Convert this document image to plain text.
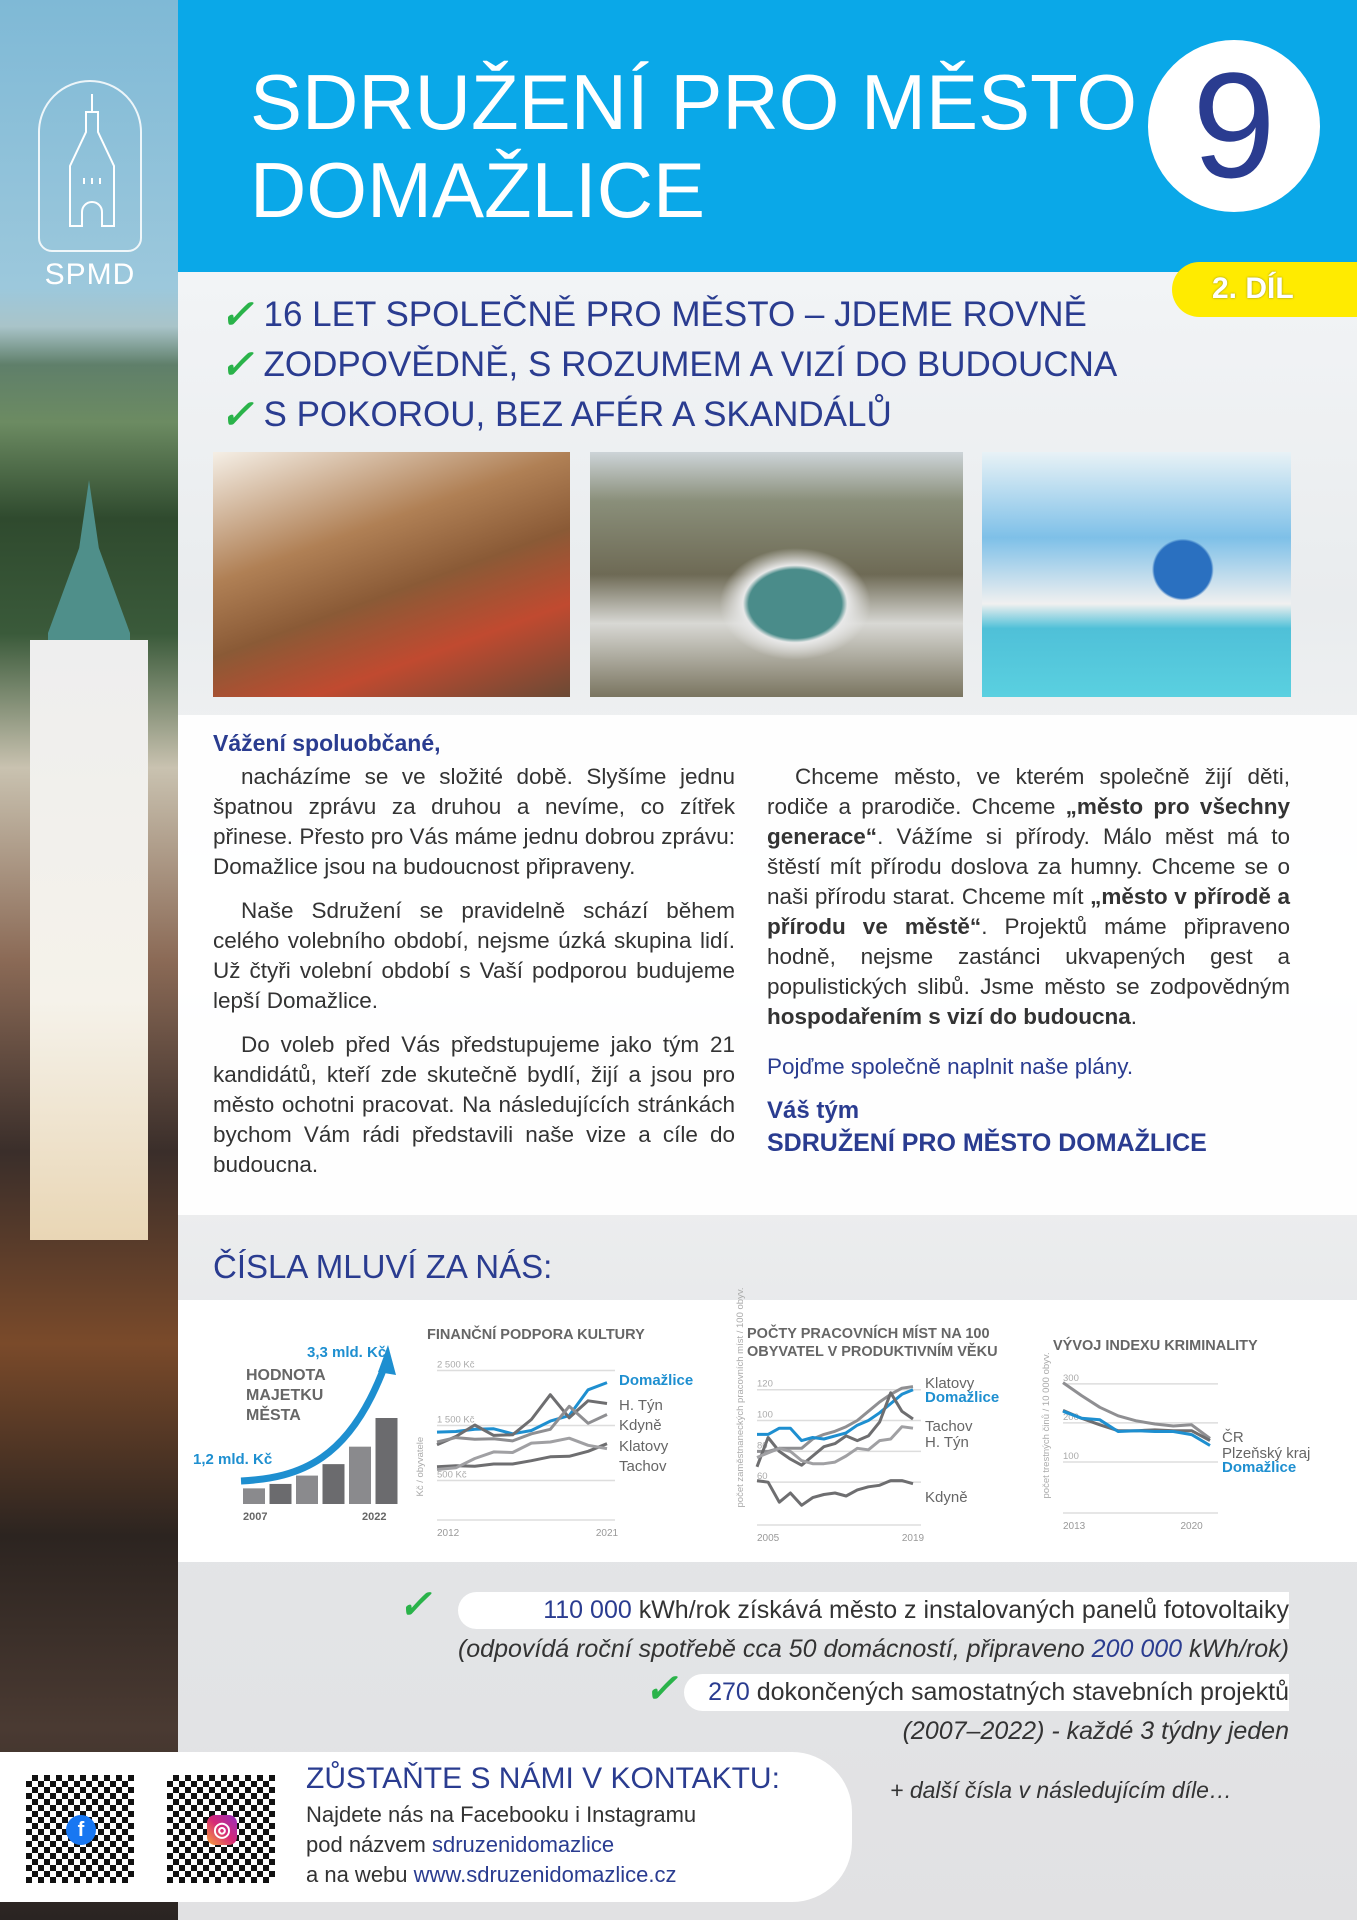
SPMD
SDRUŽENÍ PRO MĚSTO
DOMAŽLICE	9
2. DÍL
✓ 16 LET SPOLEČNĚ PRO MĚSTO – JDEME ROVNĚ
✓ ZODPOVĚDNĚ, S ROZUMEM A VIZÍ DO BUDOUCNA
✓ S POKOROU, BEZ AFÉR A SKANDÁLŮ
Vážení spoluobčané,

nacházíme se ve složité době. Slyšíme jednu špatnou zprávu za druhou a nevíme, co zítřek přinese. Přesto pro Vás máme jednu dobrou zprávu: Domažlice jsou na budoucnost připraveny.

Naše Sdružení se pravidelně schází během celého volebního období, nejsme úzká skupina lidí. Už čtyři volební období s Vaší podporou budujeme lepší Domažlice.

Do voleb před Vás předstupujeme jako tým 21 kandidátů, kteří zde skutečně bydlí, žijí a jsou pro město ochotni pracovat. Na následujících stránkách bychom Vám rádi představili naše vize a cíle do budoucna.

Chceme město, ve kterém společně žijí děti, rodiče a prarodiče. Chceme „město pro všechny generace“. Vážíme si přírody. Málo měst má to štěstí mít přírodu doslova za humny. Chceme se o naši přírodu starat. Chceme mít „město v přírodě a přírodu ve městě“. Projektů máme připraveno hodně, nejsme zastánci ukvapených gest a populistických slibů. Jsme město se zodpovědným hospodařením s vizí do budoucna.

Pojďme společně naplnit naše plány.
Váš tým
SDRUŽENÍ PRO MĚSTO DOMAŽLICE
ČÍSLA MLUVÍ ZA NÁS:
2007	2022
HODNOTA
MAJETKU
MĚSTA
1,2 mld. Kč
3,3 mld. Kč
FINANČNÍ PODPORA KULTURY
500 Kč
1 500 Kč
2 500 Kč
2012	2021
Kč / obyvatele
Domažlice
H. Týn
Kdyně
Klatovy
Tachov
POČTY PRACOVNÍCH MÍST NA 100
OBYVATEL V PRODUKTIVNÍM VĚKU
60
80
100
120
2005	2019
počet zaměstnaneckých pracovních míst / 100 obyv.	Klatovy
Domažlice
Tachov
H. Týn
Kdyně
VÝVOJ INDEXU KRIMINALITY
100
200
300
2013	2020
počet trestných činů / 10 000 obyv.	ČR
Plzeňský kraj
Domažlice
✓	110 000 kWh/rok získává město z instalovaných panelů fotovoltaiky
(odpovídá roční spotřebě cca 50 domácností, připraveno 200 000 kWh/rok)
✓ 270 dokončených samostatných stavebních projektů
(2007–2022) - každé 3 týdny jeden
f	◎
ZŮSTAŇTE S NÁMI V KONTAKTU:
Najdete nás na Facebooku i Instagramu
pod názvem sdruzenidomazlice
a na webu www.sdruzenidomazlice.cz
+ další čísla v následujícím díle…
